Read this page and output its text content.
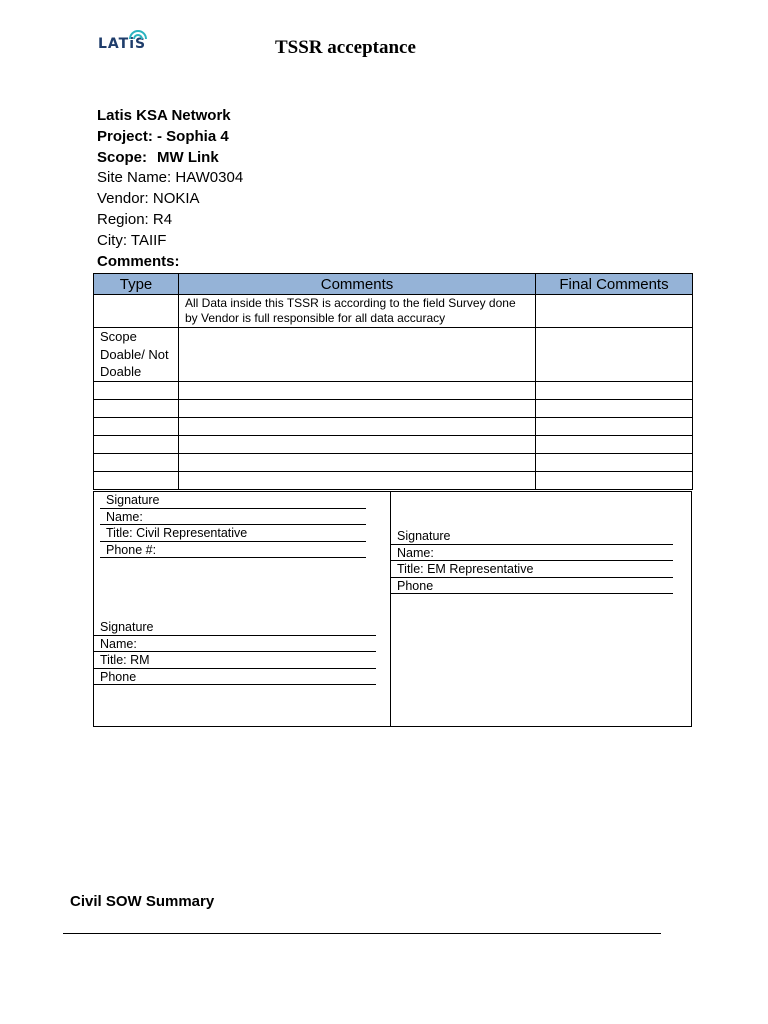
LATiS	TSSR acceptance
Latis KSA Network
Project: - Sophia 4
Scope: MW Link
Site Name: HAW0304
Vendor: NOKIA
Region: R4
City: TAIIF
Comments:
Type	Comments	Final Comments
	All Data inside this TSSR is according to the field Survey done by Vendor is full responsible for all data accuracy	
Scope Doable/ Not Doable		

Signature
Name:
Title: Civil Representative
Phone #:
Signature
Name:
Title: RM
Phone
Signature
Name:
Title: EM Representative
Phone
Civil SOW Summary
